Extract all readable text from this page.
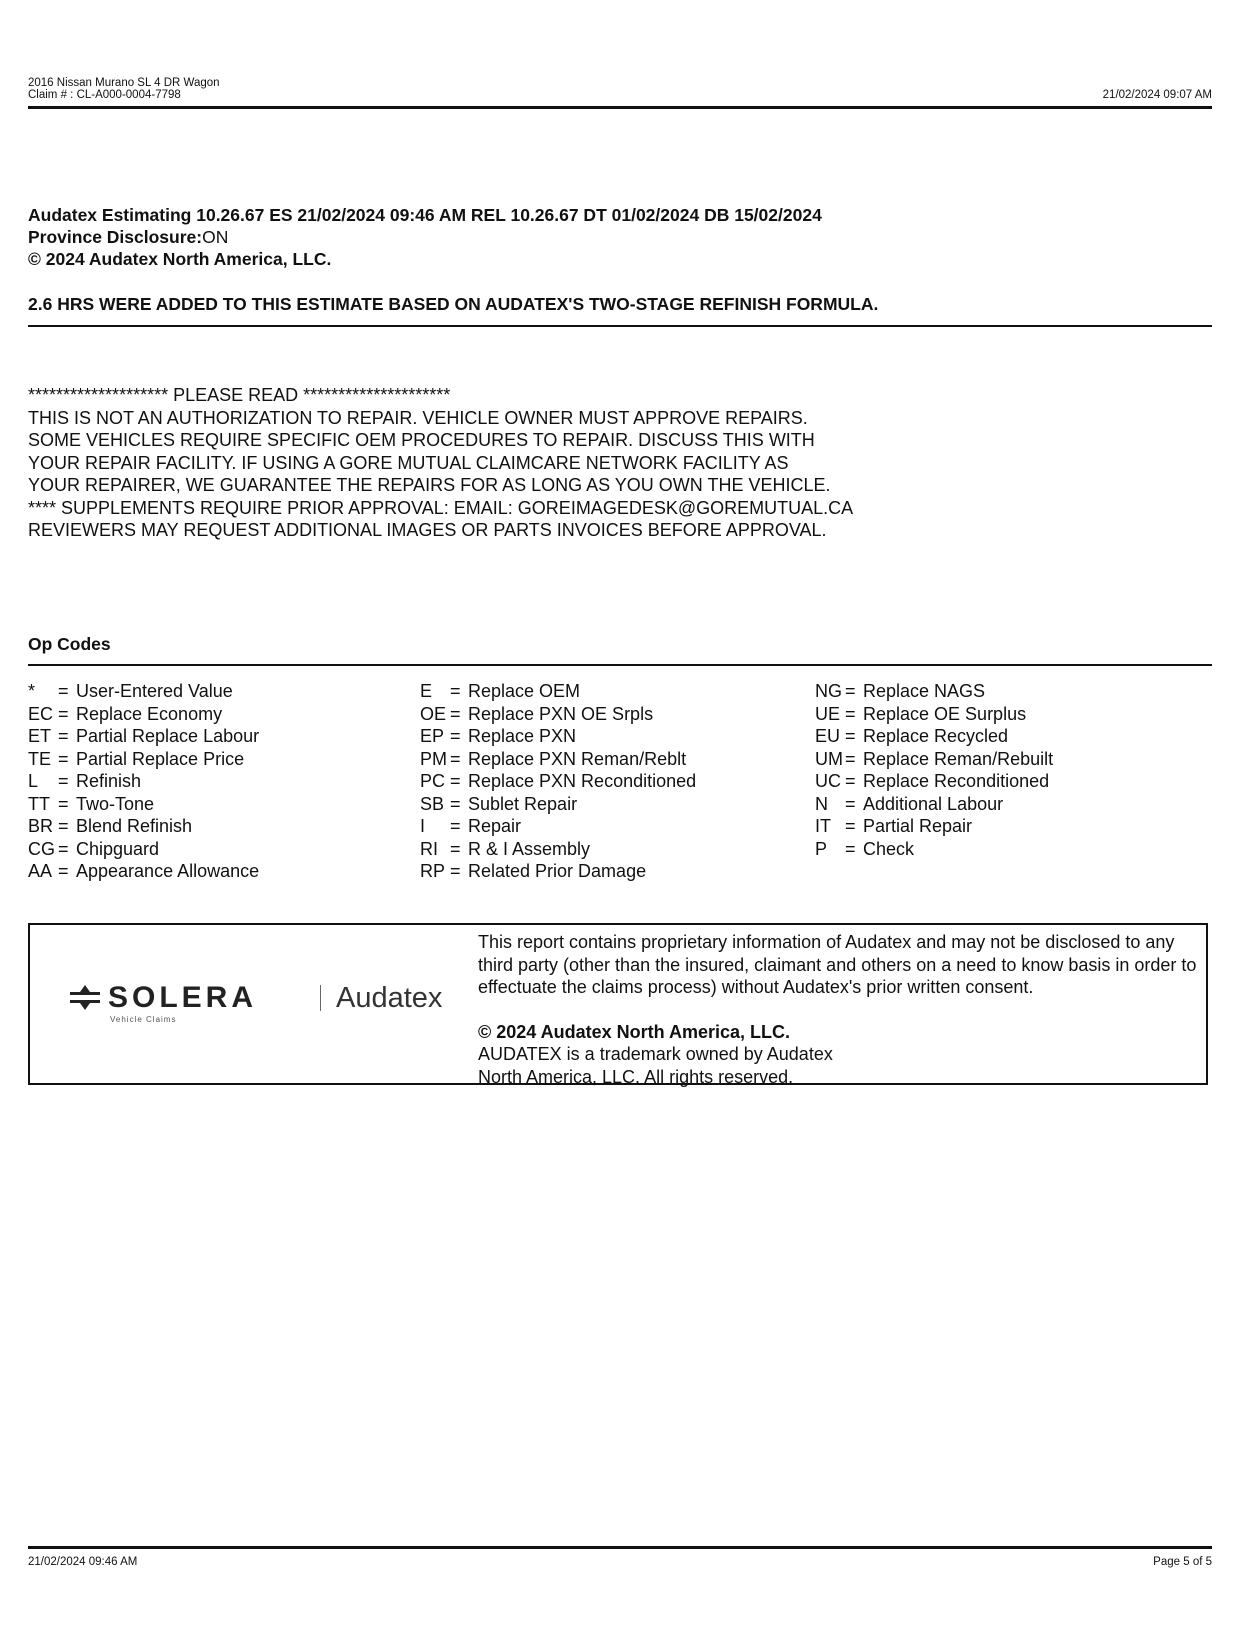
2016 Nissan Murano SL 4 DR Wagon
Claim # : CL-A000-0004-7798	21/02/2024 09:07 AM
Audatex Estimating 10.26.67 ES 21/02/2024 09:46 AM REL 10.26.67 DT 01/02/2024 DB 15/02/2024
Province Disclosure:ON
© 2024 Audatex North America, LLC.
2.6 HRS WERE ADDED TO THIS ESTIMATE BASED ON AUDATEX'S TWO-STAGE REFINISH FORMULA.
******************** PLEASE READ *********************
THIS IS NOT AN AUTHORIZATION TO REPAIR. VEHICLE OWNER MUST APPROVE REPAIRS.
SOME VEHICLES REQUIRE SPECIFIC OEM PROCEDURES TO REPAIR. DISCUSS THIS WITH
YOUR REPAIR FACILITY. IF USING A GORE MUTUAL CLAIMCARE NETWORK FACILITY AS
YOUR REPAIRER, WE GUARANTEE THE REPAIRS FOR AS LONG AS YOU OWN THE VEHICLE.
**** SUPPLEMENTS REQUIRE PRIOR APPROVAL: EMAIL: GOREIMAGEDESK@GOREMUTUAL.CA
REVIEWERS MAY REQUEST ADDITIONAL IMAGES OR PARTS INVOICES BEFORE APPROVAL.
Op Codes
*	= User-Entered Value
EC = Replace Economy
ET = Partial Replace Labour
TE = Partial Replace Price
L	= Refinish
TT = Two-Tone
BR = Blend Refinish
CG = Chipguard
AA = Appearance Allowance
E = Replace OEM
OE = Replace PXN OE Srpls
EP = Replace PXN
PM = Replace PXN Reman/Reblt
PC = Replace PXN Reconditioned
SB = Sublet Repair
I	= Repair
RI = R & I Assembly
RP = Related Prior Damage
NG = Replace NAGS
UE = Replace OE Surplus
EU = Replace Recycled
UM = Replace Reman/Rebuilt
UC = Replace Reconditioned
N = Additional Labour
IT = Partial Repair
P = Check
SOLERA
Vehicle Claims
Audatex
This report contains proprietary information of Audatex and may not be disclosed to any third party (other than the insured, claimant and others on a need to know basis in order to effectuate the claims process) without Audatex's prior written consent.
© 2024 Audatex North America, LLC.
AUDATEX is a trademark owned by Audatex North America, LLC. All rights reserved.
21/02/2024 09:46 AM	Page 5 of 5
